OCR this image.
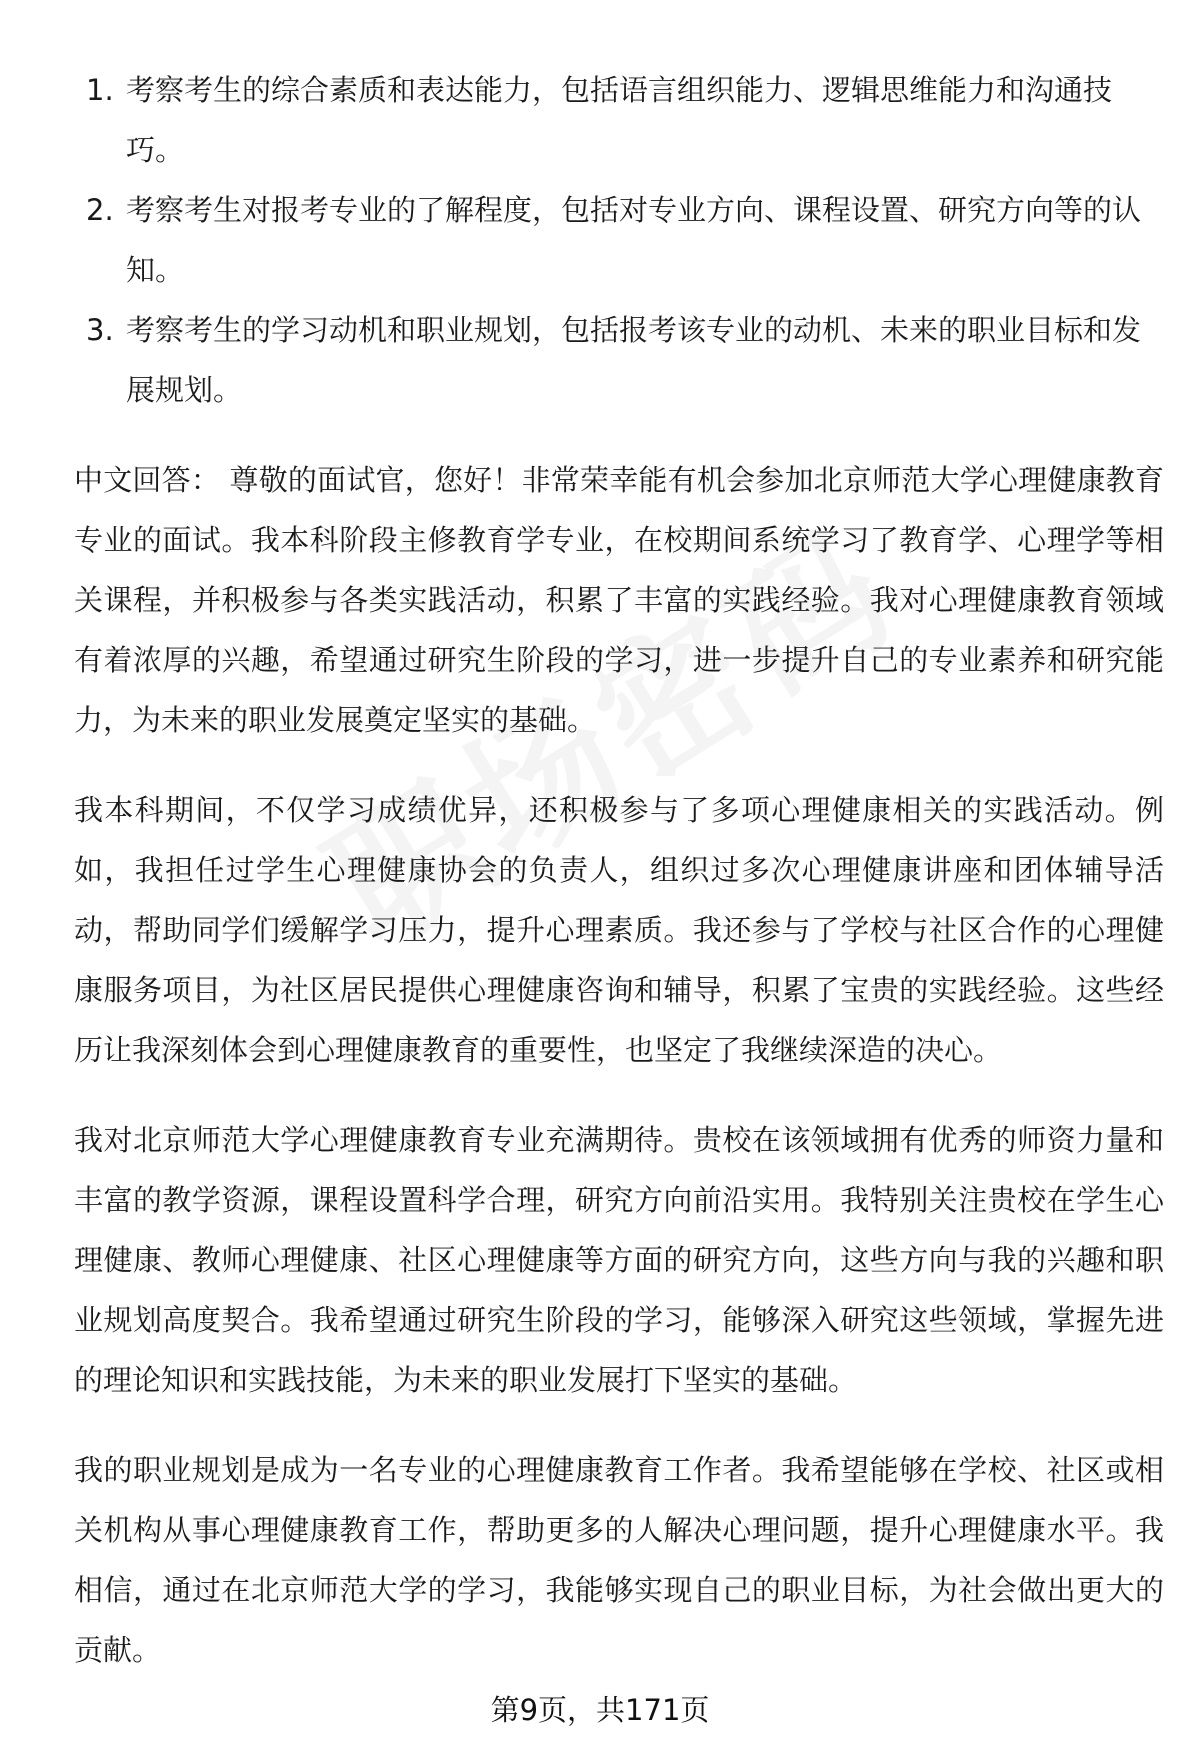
1. 考察考生的综合素质和表达能力，包括语言组织能力、逻辑思维能力和沟通技巧。
2. 考察考生对报考专业的了解程度，包括对专业方向、课程设置、研究方向等的认知。
3. 考察考生的学习动机和职业规划，包括报考该专业的动机、未来的职业目标和发展规划。

中文回答： 尊敬的面试官，您好！非常荣幸能有机会参加北京师范大学心理健康教育专业的面试。我本科阶段主修教育学专业，在校期间系统学习了教育学、心理学等相关课程，并积极参与各类实践活动，积累了丰富的实践经验。我对心理健康教育领域有着浓厚的兴趣，希望通过研究生阶段的学习，进一步提升自己的专业素养和研究能力，为未来的职业发展奠定坚实的基础。

我本科期间，不仅学习成绩优异，还积极参与了多项心理健康相关的实践活动。例如，我担任过学生心理健康协会的负责人，组织过多次心理健康讲座和团体辅导活动，帮助同学们缓解学习压力，提升心理素质。我还参与了学校与社区合作的心理健康服务项目，为社区居民提供心理健康咨询和辅导，积累了宝贵的实践经验。这些经历让我深刻体会到心理健康教育的重要性，也坚定了我继续深造的决心。

我对北京师范大学心理健康教育专业充满期待。贵校在该领域拥有优秀的师资力量和丰富的教学资源，课程设置科学合理，研究方向前沿实用。我特别关注贵校在学生心理健康、教师心理健康、社区心理健康等方面的研究方向，这些方向与我的兴趣和职业规划高度契合。我希望通过研究生阶段的学习，能够深入研究这些领域，掌握先进的理论知识和实践技能，为未来的职业发展打下坚实的基础。

我的职业规划是成为一名专业的心理健康教育工作者。我希望能够在学校、社区或相关机构从事心理健康教育工作，帮助更多的人解决心理问题，提升心理健康水平。我相信，通过在北京师范大学的学习，我能够实现自己的职业目标，为社会做出更大的贡献。

第9页，共171页
